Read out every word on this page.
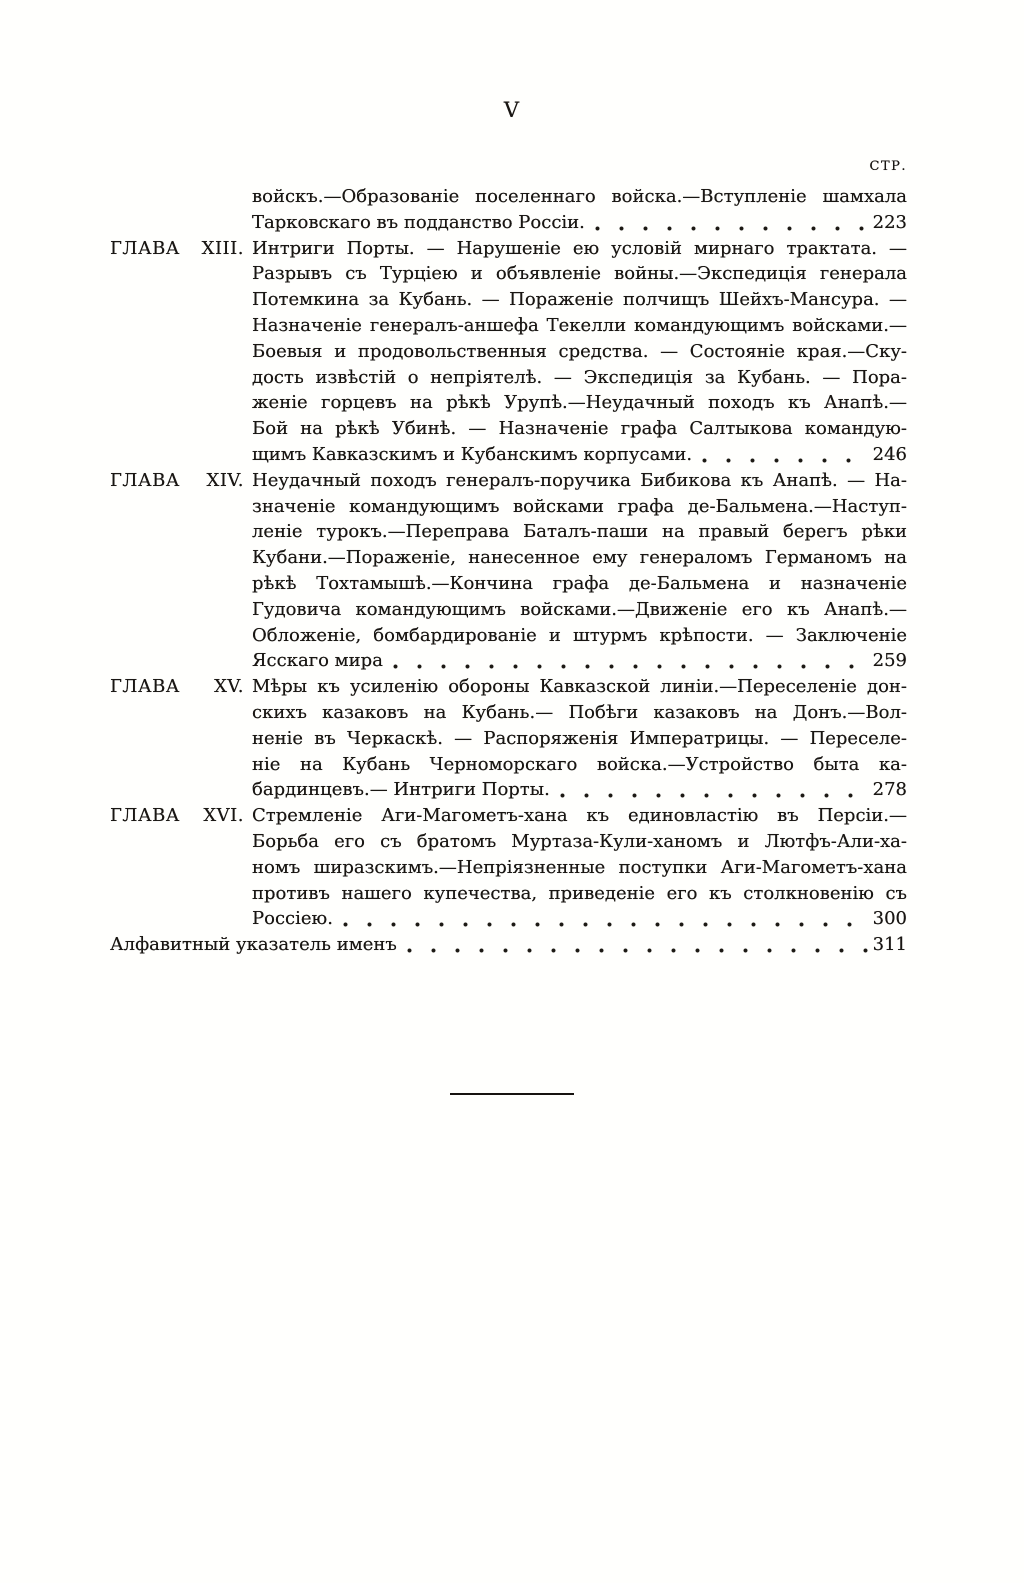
V
СТР.
войскъ.—Образованіе поселеннаго войска.—Вступленіе шамхала
Тарковскаго въ подданство Россіи.	223
ГЛАВА XIII. Интриги Порты. — Нарушеніе ею условій мирнаго трактата. —
Разрывъ съ Турціею и объявленіе войны.—Экспедиція генерала
Потемкина за Кубань. — Пораженіе полчищъ Шейхъ-Мансура. —
Назначеніе генералъ-аншефа Текелли командующимъ войсками.—
Боевыя и продовольственныя средства. — Состояніе края.—Ску-
дость извѣстій о непріятелѣ. — Экспедиція за Кубань. — Пора-
женіе горцевъ на рѣкѣ Урупѣ.—Неудачный походъ къ Анапѣ.—
Бой на рѣкѣ Убинѣ. — Назначеніе графа Салтыкова командую-
щимъ Кавказскимъ и Кубанскимъ корпусами.	246
ГЛАВА XIV. Неудачный походъ генералъ-поручика Бибикова къ Анапѣ. — На-
значеніе командующимъ войсками графа де-Бальмена.—Наступ-
леніе турокъ.—Переправа Баталъ-паши на правый берегъ рѣки
Кубани.—Пораженіе, нанесенное ему генераломъ Германомъ на
рѣкѣ Тохтамышѣ.—Кончина графа де-Бальмена и назначеніе
Гудовича командующимъ войсками.—Движеніе его къ Анапѣ.—
Обложеніе, бомбардированіе и штурмъ крѣпости. — Заключеніе
Ясскаго мира	259
ГЛАВА XV. Мѣры къ усиленію обороны Кавказской линіи.—Переселеніе дон-
скихъ казаковъ на Кубань.— Побѣги казаковъ на Донъ.—Вол-
неніе въ Черкаскѣ. — Распоряженія Императрицы. — Переселе-
ніе на Кубань Черноморскаго войска.—Устройство быта ка-
бардинцевъ.— Интриги Порты.	278
ГЛАВА XVI. Стремленіе Аги-Магометъ-хана къ единовластію въ Персіи.—
Борьба его съ братомъ Муртаза-Кули-ханомъ и Лютфъ-Али-ха-
номъ ширазскимъ.—Непріязненные поступки Аги-Магометъ-хана
противъ нашего купечества, приведеніе его къ столкновенію съ
Россіею.	300
Алфавитный указатель именъ	311
